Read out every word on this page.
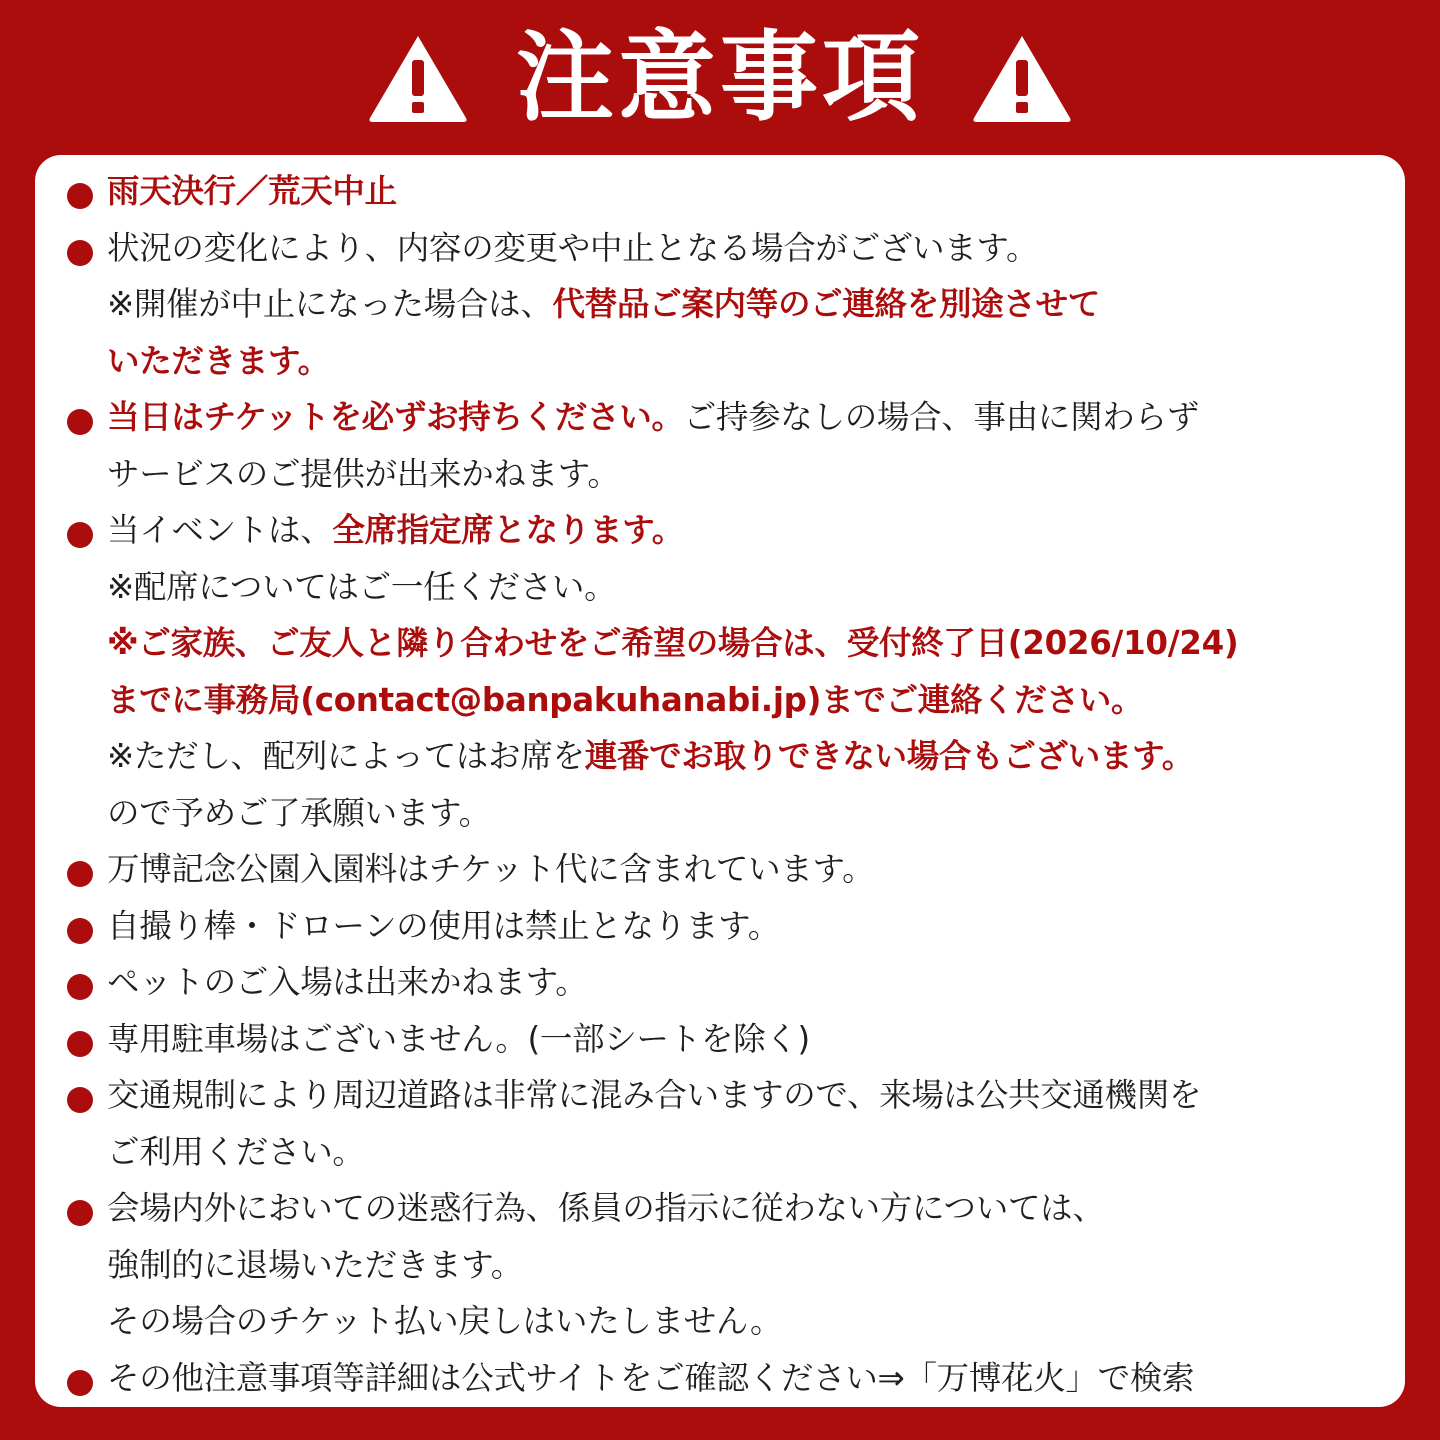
注意事項
雨天決行／荒天中止
状況の変化により、内容の変更や中止となる場合がございます。
※開催が中止になった場合は、代替品ご案内等のご連絡を別途させて
いただきます。
当日はチケットを必ずお持ちください。ご持参なしの場合、事由に関わらず
サービスのご提供が出来かねます。
当イベントは、全席指定席となります。
※配席についてはご一任ください。
※ご家族、ご友人と隣り合わせをご希望の場合は、受付終了日(2026/10/24)
までに事務局(contact@banpakuhanabi.jp)までご連絡ください。
※ただし、配列によってはお席を連番でお取りできない場合もございます。
ので予めご了承願います。
万博記念公園入園料はチケット代に含まれています。
自撮り棒・ドローンの使用は禁止となります。
ペットのご入場は出来かねます。
専用駐車場はございません。(一部シートを除く)
交通規制により周辺道路は非常に混み合いますので、来場は公共交通機関を
ご利用ください。
会場内外においての迷惑行為、係員の指示に従わない方については、
強制的に退場いただきます。
その場合のチケット払い戻しはいたしません。
その他注意事項等詳細は公式サイトをご確認ください⇒「万博花火」で検索
